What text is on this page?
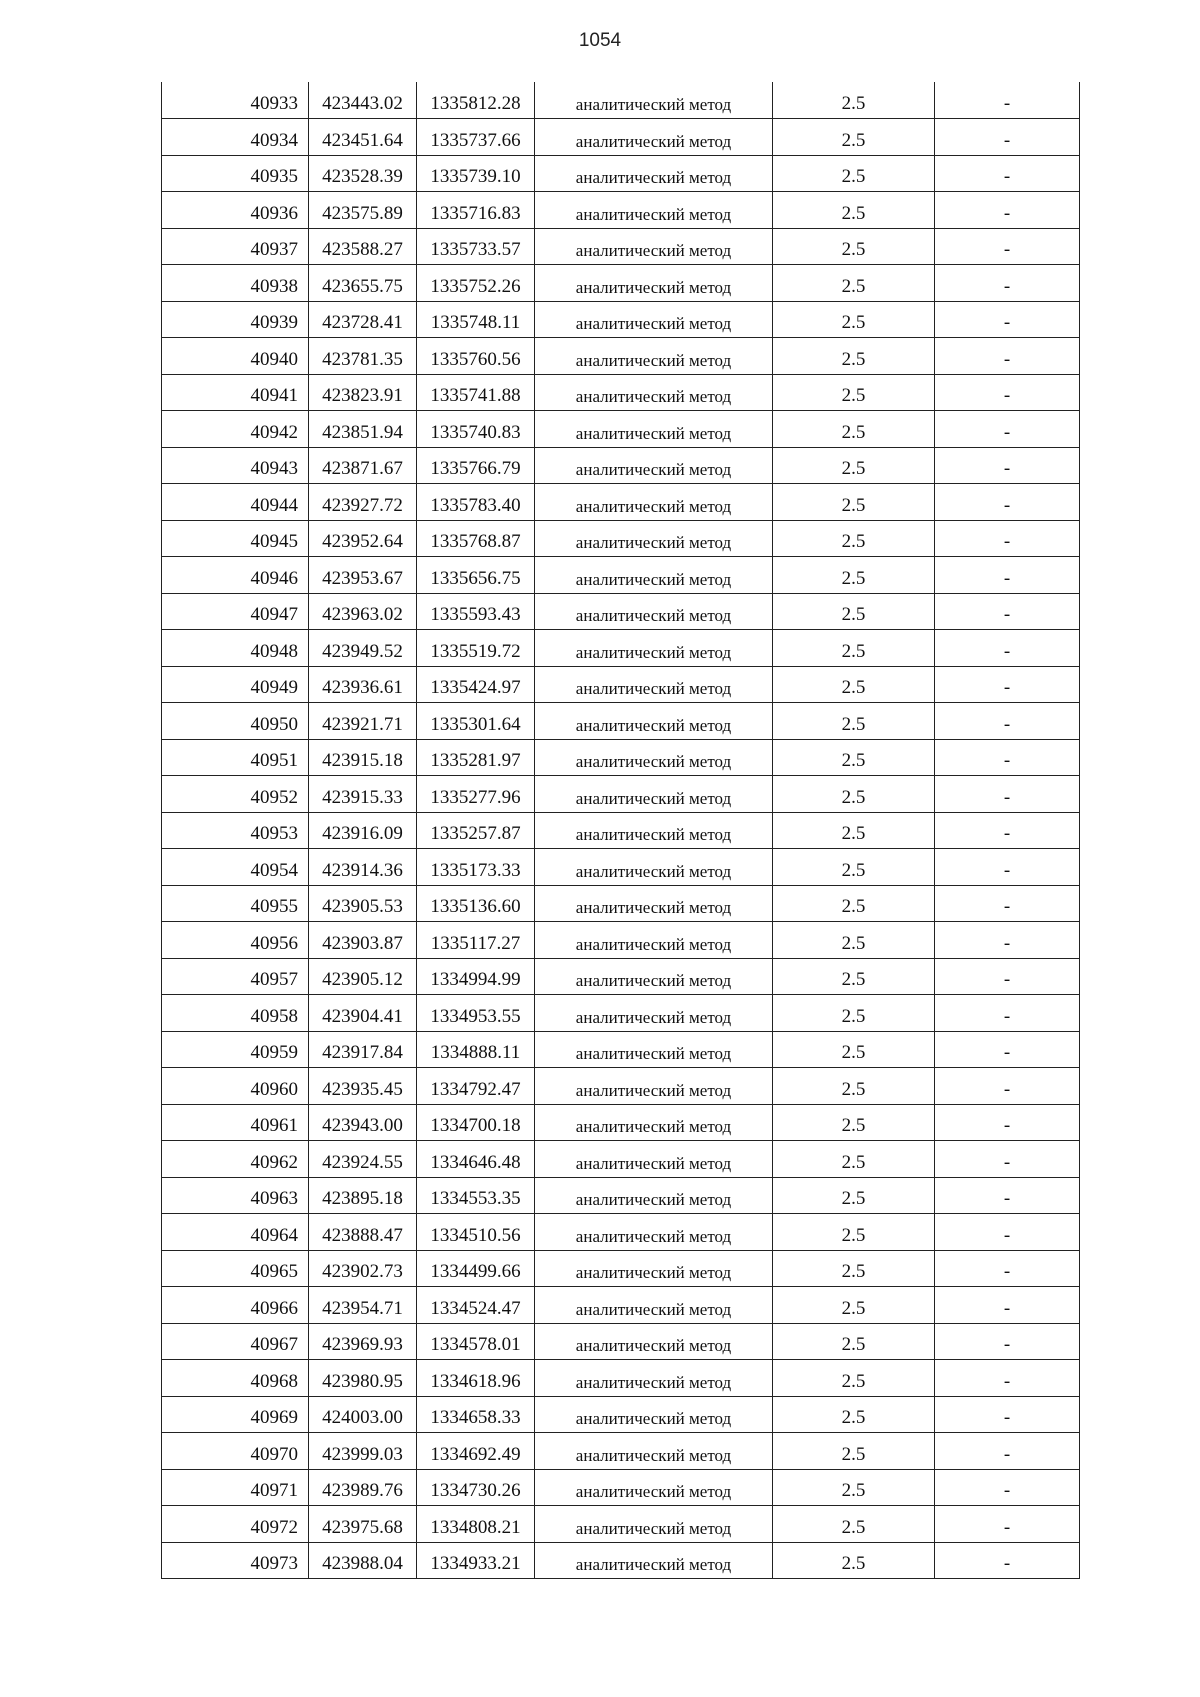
1054
40933	423443.02	1335812.28	аналитический метод	2.5	-
40934	423451.64	1335737.66	аналитический метод	2.5	-
40935	423528.39	1335739.10	аналитический метод	2.5	-
40936	423575.89	1335716.83	аналитический метод	2.5	-
40937	423588.27	1335733.57	аналитический метод	2.5	-
40938	423655.75	1335752.26	аналитический метод	2.5	-
40939	423728.41	1335748.11	аналитический метод	2.5	-
40940	423781.35	1335760.56	аналитический метод	2.5	-
40941	423823.91	1335741.88	аналитический метод	2.5	-
40942	423851.94	1335740.83	аналитический метод	2.5	-
40943	423871.67	1335766.79	аналитический метод	2.5	-
40944	423927.72	1335783.40	аналитический метод	2.5	-
40945	423952.64	1335768.87	аналитический метод	2.5	-
40946	423953.67	1335656.75	аналитический метод	2.5	-
40947	423963.02	1335593.43	аналитический метод	2.5	-
40948	423949.52	1335519.72	аналитический метод	2.5	-
40949	423936.61	1335424.97	аналитический метод	2.5	-
40950	423921.71	1335301.64	аналитический метод	2.5	-
40951	423915.18	1335281.97	аналитический метод	2.5	-
40952	423915.33	1335277.96	аналитический метод	2.5	-
40953	423916.09	1335257.87	аналитический метод	2.5	-
40954	423914.36	1335173.33	аналитический метод	2.5	-
40955	423905.53	1335136.60	аналитический метод	2.5	-
40956	423903.87	1335117.27	аналитический метод	2.5	-
40957	423905.12	1334994.99	аналитический метод	2.5	-
40958	423904.41	1334953.55	аналитический метод	2.5	-
40959	423917.84	1334888.11	аналитический метод	2.5	-
40960	423935.45	1334792.47	аналитический метод	2.5	-
40961	423943.00	1334700.18	аналитический метод	2.5	-
40962	423924.55	1334646.48	аналитический метод	2.5	-
40963	423895.18	1334553.35	аналитический метод	2.5	-
40964	423888.47	1334510.56	аналитический метод	2.5	-
40965	423902.73	1334499.66	аналитический метод	2.5	-
40966	423954.71	1334524.47	аналитический метод	2.5	-
40967	423969.93	1334578.01	аналитический метод	2.5	-
40968	423980.95	1334618.96	аналитический метод	2.5	-
40969	424003.00	1334658.33	аналитический метод	2.5	-
40970	423999.03	1334692.49	аналитический метод	2.5	-
40971	423989.76	1334730.26	аналитический метод	2.5	-
40972	423975.68	1334808.21	аналитический метод	2.5	-
40973	423988.04	1334933.21	аналитический метод	2.5	-
